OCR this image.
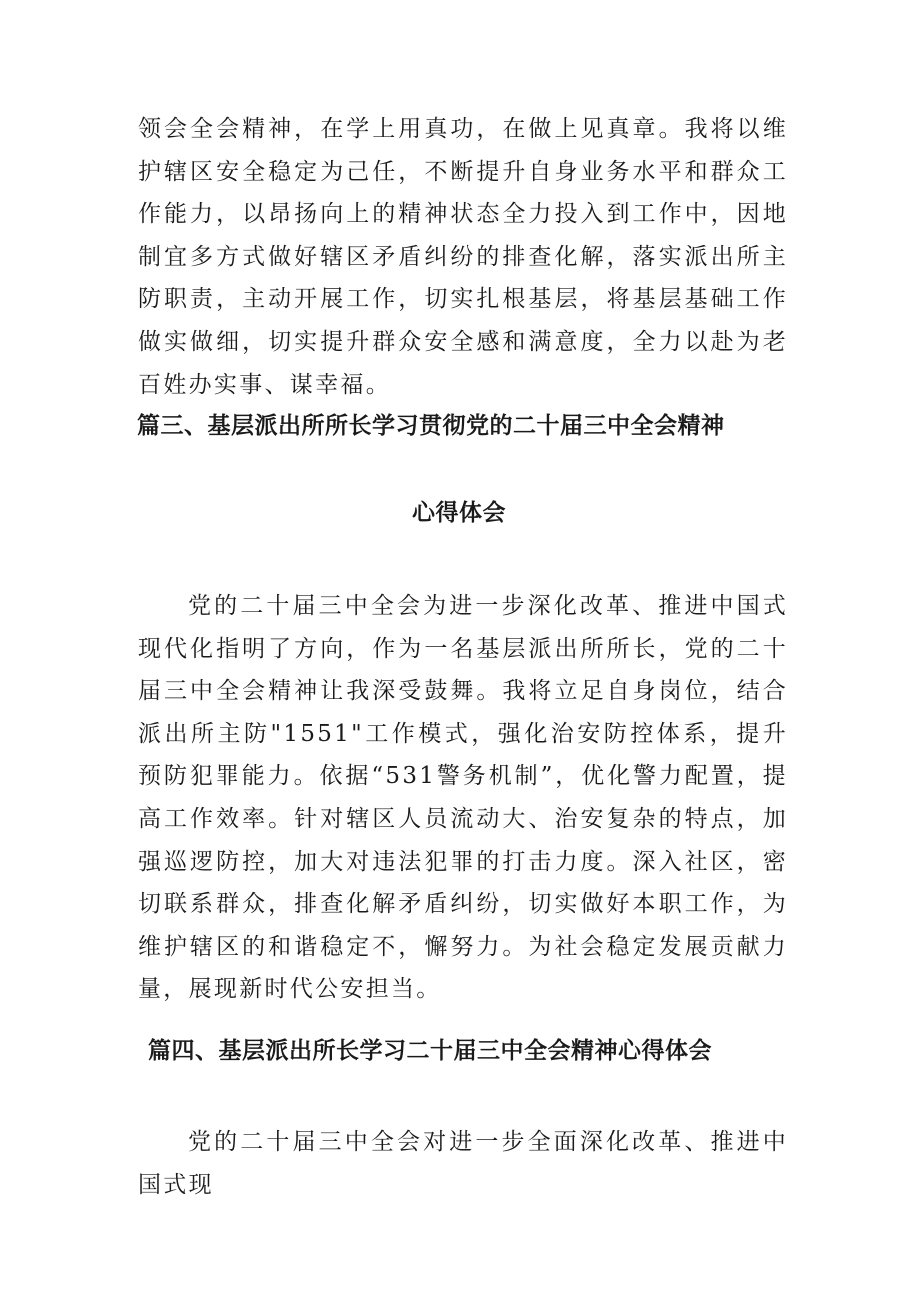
领会全会精神，在学上用真功，在做上见真章。我将以维护辖区安全稳定为己任，不断提升自身业务水平和群众工作能力，以昂扬向上的精神状态全力投入到工作中，因地制宜多方式做好辖区矛盾纠纷的排查化解，落实派出所主防职责，主动开展工作，切实扎根基层，将基层基础工作做实做细，切实提升群众安全感和满意度，全力以赴为老百姓办实事、谋幸福。

篇三、基层派出所所长学习贯彻党的二十届三中全会精神
心得体会

党的二十届三中全会为进一步深化改革、推进中国式现代化指明了方向，作为一名基层派出所所长，党的二十届三中全会精神让我深受鼓舞。我将立足自身岗位，结合派出所主防"1551"工作模式，强化治安防控体系，提升预防犯罪能力。依据“531警务机制”，优化警力配置，提高工作效率。针对辖区人员流动大、治安复杂的特点，加强巡逻防控，加大对违法犯罪的打击力度。深入社区，密切联系群众，排查化解矛盾纠纷，切实做好本职工作，为维护辖区的和谐稳定不，懈努力。为社会稳定发展贡献力量，展现新时代公安担当。

篇四、基层派出所长学习二十届三中全会精神心得体会

党的二十届三中全会对进一步全面深化改革、推进中国式现
